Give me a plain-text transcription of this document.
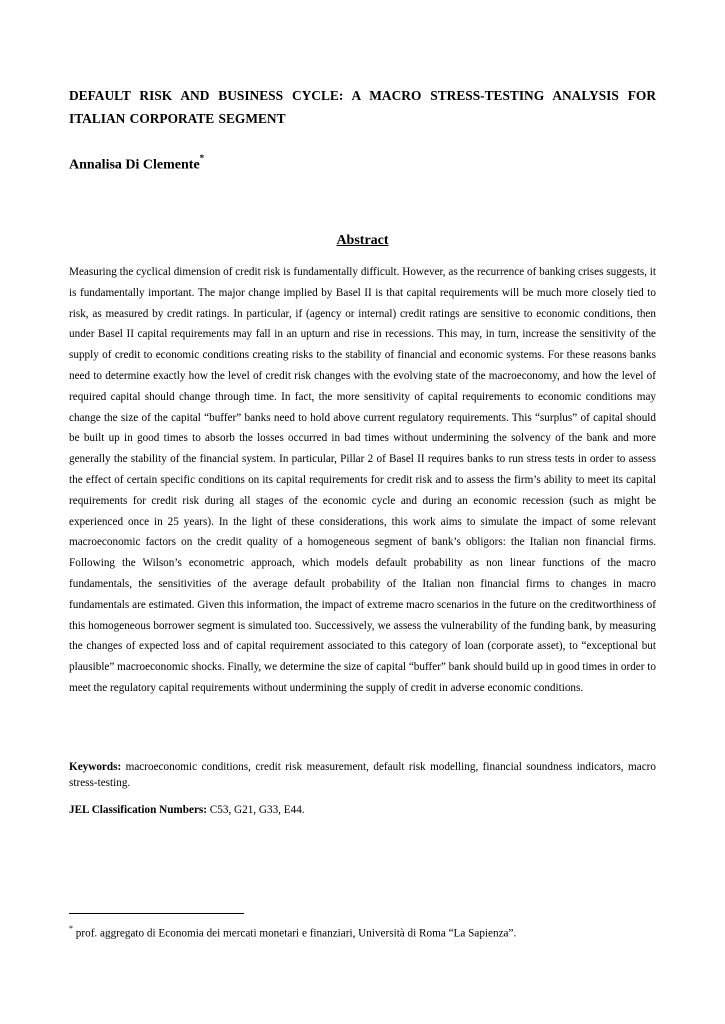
DEFAULT RISK AND BUSINESS CYCLE: A MACRO STRESS-TESTING ANALYSIS FOR ITALIAN CORPORATE SEGMENT
Annalisa Di Clemente*
Abstract

Measuring the cyclical dimension of credit risk is fundamentally difficult. However, as the recurrence of banking crises suggests, it is fundamentally important. The major change implied by Basel II is that capital requirements will be much more closely tied to risk, as measured by credit ratings. In particular, if (agency or internal) credit ratings are sensitive to economic conditions, then under Basel II capital requirements may fall in an upturn and rise in recessions. This may, in turn, increase the sensitivity of the supply of credit to economic conditions creating risks to the stability of financial and economic systems. For these reasons banks need to determine exactly how the level of credit risk changes with the evolving state of the macroeconomy, and how the level of required capital should change through time. In fact, the more sensitivity of capital requirements to economic conditions may change the size of the capital “buffer” banks need to hold above current regulatory requirements. This “surplus” of capital should be built up in good times to absorb the losses occurred in bad times without undermining the solvency of the bank and more generally the stability of the financial system. In particular, Pillar 2 of Basel II requires banks to run stress tests in order to assess the effect of certain specific conditions on its capital requirements for credit risk and to assess the firm’s ability to meet its capital requirements for credit risk during all stages of the economic cycle and during an economic recession (such as might be experienced once in 25 years). In the light of these considerations, this work aims to simulate the impact of some relevant macroeconomic factors on the credit quality of a homogeneous segment of bank’s obligors: the Italian non financial firms. Following the Wilson’s econometric approach, which models default probability as non linear functions of the macro fundamentals, the sensitivities of the average default probability of the Italian non financial firms to changes in macro fundamentals are estimated. Given this information, the impact of extreme macro scenarios in the future on the creditworthiness of this homogeneous borrower segment is simulated too. Successively, we assess the vulnerability of the funding bank, by measuring the changes of expected loss and of capital requirement associated to this category of loan (corporate asset), to “exceptional but plausible” macroeconomic shocks. Finally, we determine the size of capital “buffer” bank should build up in good times in order to meet the regulatory capital requirements without undermining the supply of credit in adverse economic conditions.

Keywords: macroeconomic conditions, credit risk measurement, default risk modelling, financial soundness indicators, macro stress-testing.

JEL Classification Numbers: C53, G21, G33, E44.

* prof. aggregato di Economia dei mercati monetari e finanziari, Università di Roma “La Sapienza”.
